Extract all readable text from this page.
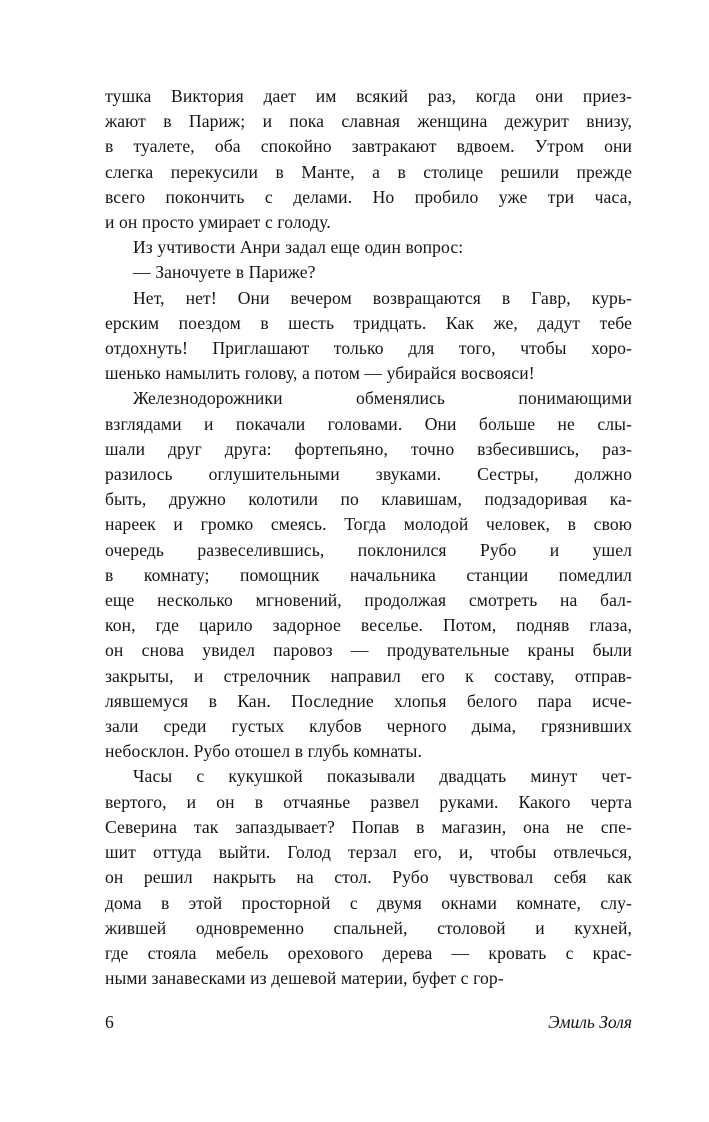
тушка Виктория дает им всякий раз, когда они приез-
жают в Париж; и пока славная женщина дежурит внизу,
в туалете, оба спокойно завтракают вдвоем. Утром они
слегка перекусили в Манте, а в столице решили прежде
всего покончить с делами. Но пробило уже три часа,
и он просто умирает с голоду.
Из учтивости Анри задал еще один вопрос:
— Заночуете в Париже?
Нет, нет! Они вечером возвращаются в Гавр, курь-
ерским поездом в шесть тридцать. Как же, дадут тебе
отдохнуть! Приглашают только для того, чтобы хоро-
шенько намылить голову, а потом — убирайся восвояси!
Железнодорожники обменялись понимающими
взглядами и покачали головами. Они больше не слы-
шали друг друга: фортепьяно, точно взбесившись, раз-
разилось оглушительными звуками. Сестры, должно
быть, дружно колотили по клавишам, подзадоривая ка-
нареек и громко смеясь. Тогда молодой человек, в свою
очередь развеселившись, поклонился Рубо и ушел
в комнату; помощник начальника станции помедлил
еще несколько мгновений, продолжая смотреть на бал-
кон, где царило задорное веселье. Потом, подняв глаза,
он снова увидел паровоз — продувательные краны были
закрыты, и стрелочник направил его к составу, отправ-
лявшемуся в Кан. Последние хлопья белого пара исче-
зали среди густых клубов черного дыма, грязнивших
небосклон. Рубо отошел в глубь комнаты.
Часы с кукушкой показывали двадцать минут чет-
вертого, и он в отчаянье развел руками. Какого черта
Северина так запаздывает? Попав в магазин, она не спе-
шит оттуда выйти. Голод терзал его, и, чтобы отвлечься,
он решил накрыть на стол. Рубо чувствовал себя как
дома в этой просторной с двумя окнами комнате, слу-
жившей одновременно спальней, столовой и кухней,
где стояла мебель орехового дерева — кровать с крас-
ными занавесками из дешевой материи, буфет с гор-
6	Эмиль Золя
